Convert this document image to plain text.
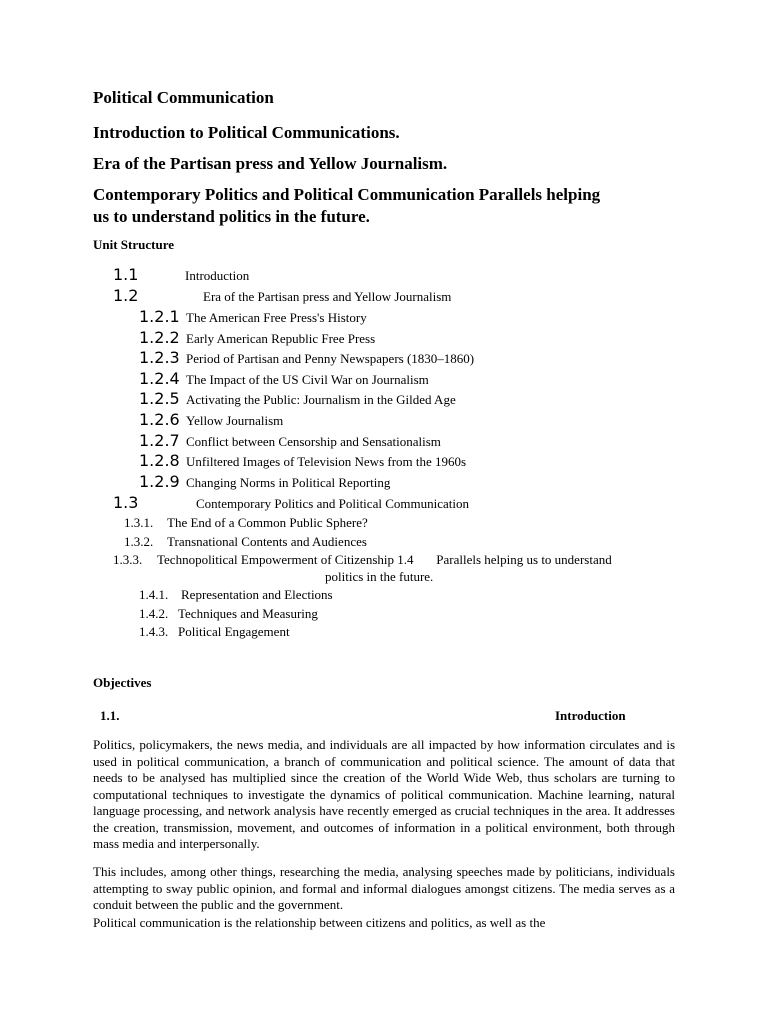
Political Communication
Introduction to Political Communications.
Era of the Partisan press and Yellow Journalism.
Contemporary Politics and Political Communication Parallels helping
us to understand politics in the future.
Unit Structure
1.1	Introduction
1.2	Era of the Partisan press and Yellow Journalism
1.2.1 The American Free Press's History
1.2.2 Early American Republic Free Press
1.2.3 Period of Partisan and Penny Newspapers (1830–1860)
1.2.4 The Impact of the US Civil War on Journalism
1.2.5 Activating the Public: Journalism in the Gilded Age
1.2.6 Yellow Journalism
1.2.7 Conflict between Censorship and Sensationalism
1.2.8 Unfiltered Images of Television News from the 1960s
1.2.9 Changing Norms in Political Reporting
1.3	Contemporary Politics and Political Communication
1.3.1. The End of a Common Public Sphere?
1.3.2. Transnational Contents and Audiences
1.3.3. Technopolitical Empowerment of Citizenship 1.4       Parallels helping us to understand
politics in the future.
1.4.1. Representation and Elections
1.4.2. Techniques and Measuring
1.4.3. Political Engagement
Objectives
1.1.	Introduction
Politics, policymakers, the news media, and individuals are all impacted by how information circulates and is used in political communication, a branch of communication and political science. The amount of data that needs to be analysed has multiplied since the creation of the World Wide Web, thus scholars are turning to computational techniques to investigate the dynamics of political communication. Machine learning, natural language processing, and network analysis have recently emerged as crucial techniques in the area. It addresses the creation, transmission, movement, and outcomes of information in a political environment, both through mass media and interpersonally.
This includes, among other things, researching the media, analysing speeches made by politicians, individuals attempting to sway public opinion, and formal and informal dialogues amongst citizens. The media serves as a conduit between the public and the government.
Political communication is the relationship between citizens and politics, as well as the
